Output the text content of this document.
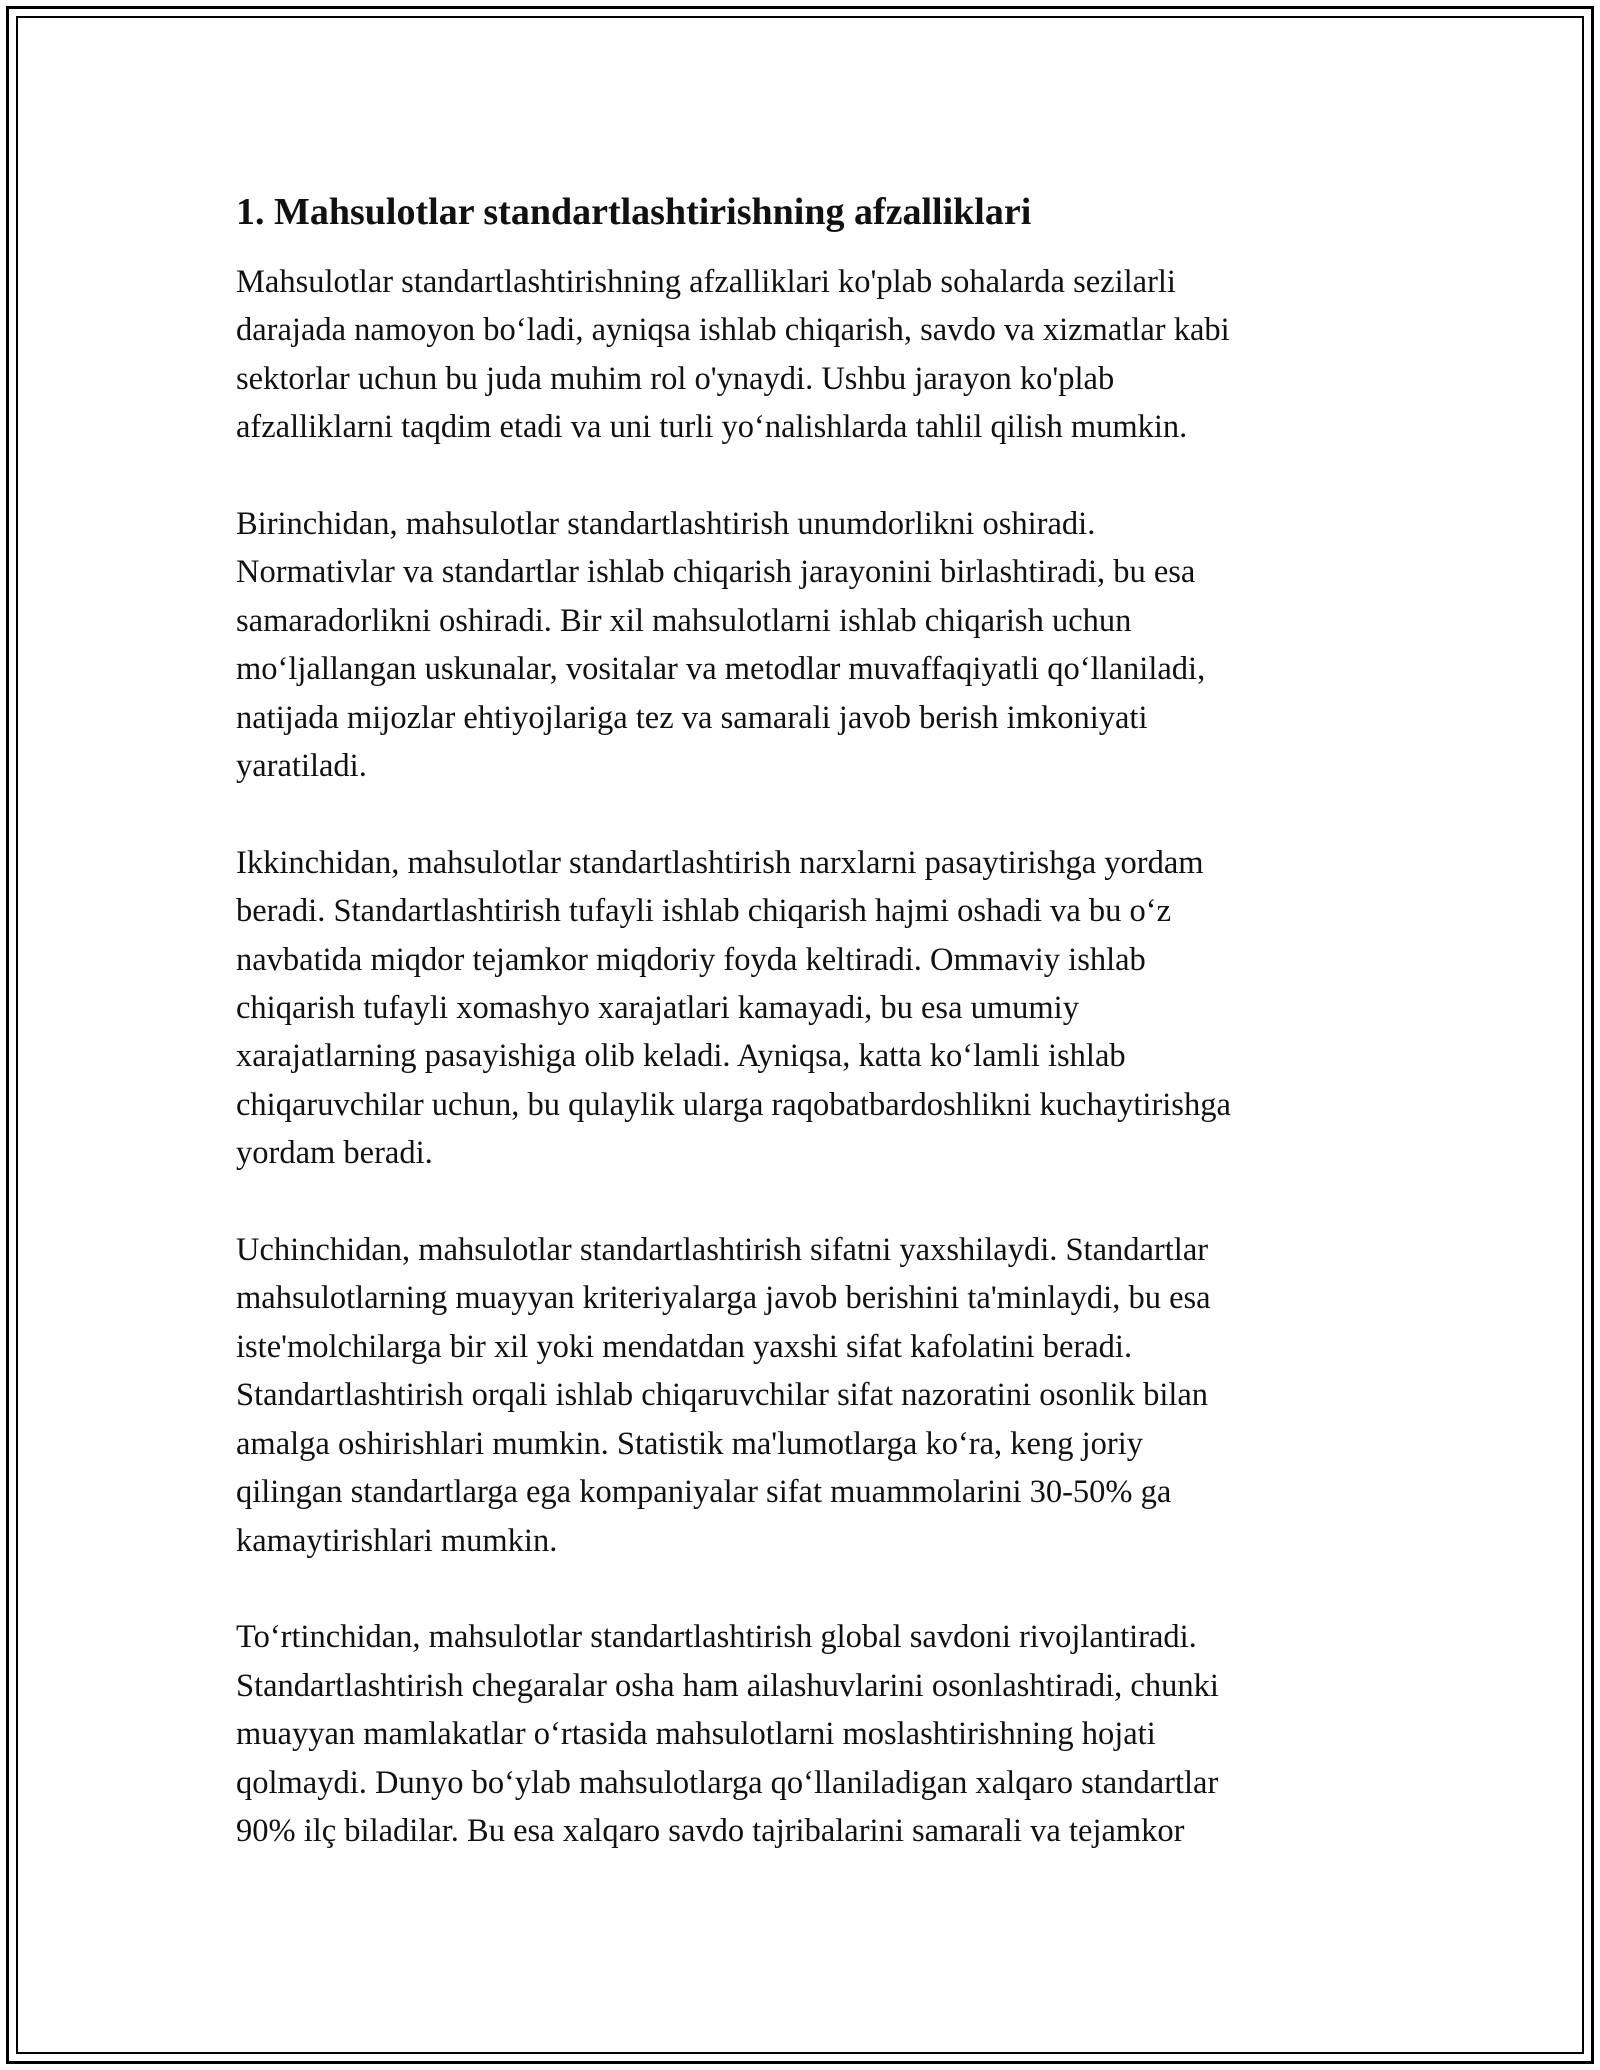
1. Mahsulotlar standartlashtirishning afzalliklari

Mahsulotlar standartlashtirishning afzalliklari ko'plab sohalarda sezilarli
darajada namoyon bo‘ladi, ayniqsa ishlab chiqarish, savdo va xizmatlar kabi
sektorlar uchun bu juda muhim rol o'ynaydi. Ushbu jarayon ko'plab
afzalliklarni taqdim etadi va uni turli yo‘nalishlarda tahlil qilish mumkin.

Birinchidan, mahsulotlar standartlashtirish unumdorlikni oshiradi.
Normativlar va standartlar ishlab chiqarish jarayonini birlashtiradi, bu esa
samaradorlikni oshiradi. Bir xil mahsulotlarni ishlab chiqarish uchun
mo‘ljallangan uskunalar, vositalar va metodlar muvaffaqiyatli qo‘llaniladi,
natijada mijozlar ehtiyojlariga tez va samarali javob berish imkoniyati
yaratiladi.

Ikkinchidan, mahsulotlar standartlashtirish narxlarni pasaytirishga yordam
beradi. Standartlashtirish tufayli ishlab chiqarish hajmi oshadi va bu o‘z
navbatida miqdor tejamkor miqdoriy foyda keltiradi. Ommaviy ishlab
chiqarish tufayli xomashyo xarajatlari kamayadi, bu esa umumiy
xarajatlarning pasayishiga olib keladi. Ayniqsa, katta ko‘lamli ishlab
chiqaruvchilar uchun, bu qulaylik ularga raqobatbardoshlikni kuchaytirishga
yordam beradi.

Uchinchidan, mahsulotlar standartlashtirish sifatni yaxshilaydi. Standartlar
mahsulotlarning muayyan kriteriyalarga javob berishini ta'minlaydi, bu esa
iste'molchilarga bir xil yoki mendatdan yaxshi sifat kafolatini beradi.
Standartlashtirish orqali ishlab chiqaruvchilar sifat nazoratini osonlik bilan
amalga oshirishlari mumkin. Statistik ma'lumotlarga ko‘ra, keng joriy
qilingan standartlarga ega kompaniyalar sifat muammolarini 30-50% ga
kamaytirishlari mumkin.

To‘rtinchidan, mahsulotlar standartlashtirish global savdoni rivojlantiradi.
Standartlashtirish chegaralar osha ham ailashuvlarini osonlashtiradi, chunki
muayyan mamlakatlar o‘rtasida mahsulotlarni moslashtirishning hojati
qolmaydi. Dunyo bo‘ylab mahsulotlarga qo‘llaniladigan xalqaro standartlar
90% ilç biladilar. Bu esa xalqaro savdo tajribalarini samarali va tejamkor
